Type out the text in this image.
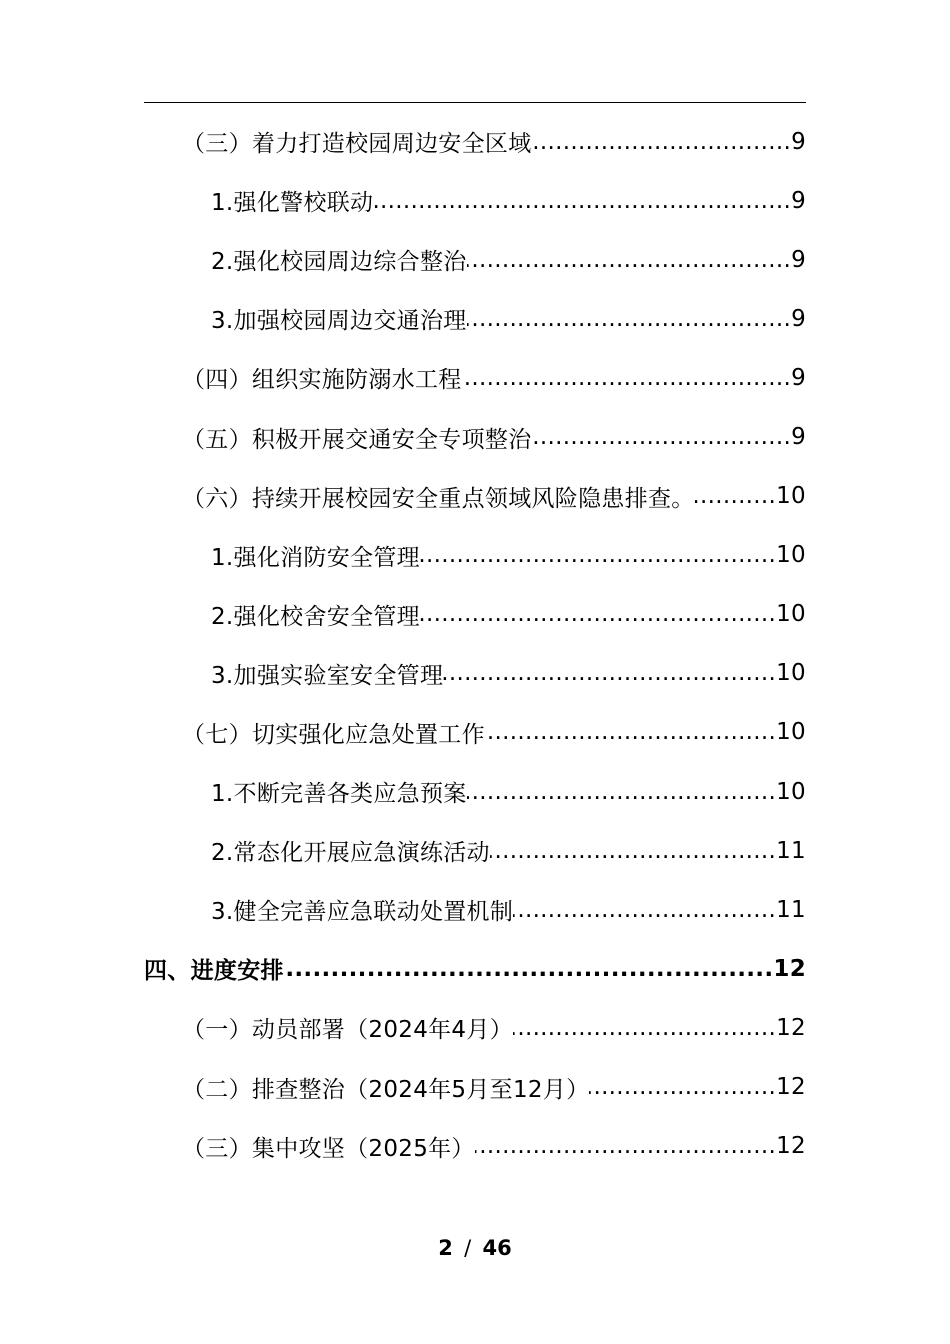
（三）着力打造校园周边安全区域 .....	9
1.强化警校联动 .....	9
2.强化校园周边综合整治 .....	9
3.加强校园周边交通治理 .....	9
（四）组织实施防溺水工程 .....	9
（五）积极开展交通安全专项整治 .....	9
（六）持续开展校园安全重点领域风险隐患排查。 .....	10
1.强化消防安全管理 .....	10
2.强化校舍安全管理 .....	10
3.加强实验室安全管理 .....	10
（七）切实强化应急处置工作 .....	10
1.不断完善各类应急预案 .....	10
2.常态化开展应急演练活动 .....	11
3.健全完善应急联动处置机制 .....	11
四、进度安排 .....	12
（一）动员部署（2024年4月） .....	12
（二）排查整治（2024年5月至12月） .....	12
（三）集中攻坚（2025年） .....	12
2 / 46
